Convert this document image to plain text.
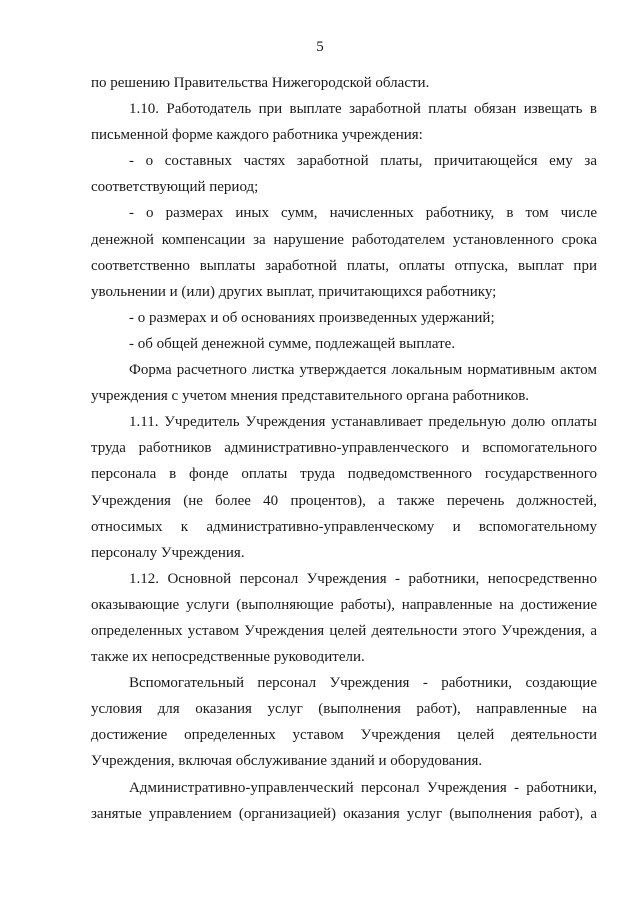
5
по решению Правительства Нижегородской области.
1.10. Работодатель при выплате заработной платы обязан извещать в
письменной форме каждого работника учреждения:
- о составных частях заработной платы, причитающейся ему за
соответствующий период;
- о размерах иных сумм, начисленных работнику, в том числе
денежной компенсации за нарушение работодателем установленного срока
соответственно выплаты заработной платы, оплаты отпуска, выплат при
увольнении и (или) других выплат, причитающихся работнику;
- о размерах и об основаниях произведенных удержаний;
- об общей денежной сумме, подлежащей выплате.
Форма расчетного листка утверждается локальным нормативным актом
учреждения с учетом мнения представительного органа работников.
1.11. Учредитель Учреждения устанавливает предельную долю оплаты
труда работников административно-управленческого и вспомогательного
персонала в фонде оплаты труда подведомственного государственного
Учреждения (не более 40 процентов), а также перечень должностей,
относимых к административно-управленческому и вспомогательному
персоналу Учреждения.
1.12. Основной персонал Учреждения - работники, непосредственно
оказывающие услуги (выполняющие работы), направленные на достижение
определенных уставом Учреждения целей деятельности этого Учреждения, а
также их непосредственные руководители.
Вспомогательный персонал Учреждения - работники, создающие
условия для оказания услуг (выполнения работ), направленные на
достижение определенных уставом Учреждения целей деятельности
Учреждения, включая обслуживание зданий и оборудования.
Административно-управленческий персонал Учреждения - работники,
занятые управлением (организацией) оказания услуг (выполнения работ), а
